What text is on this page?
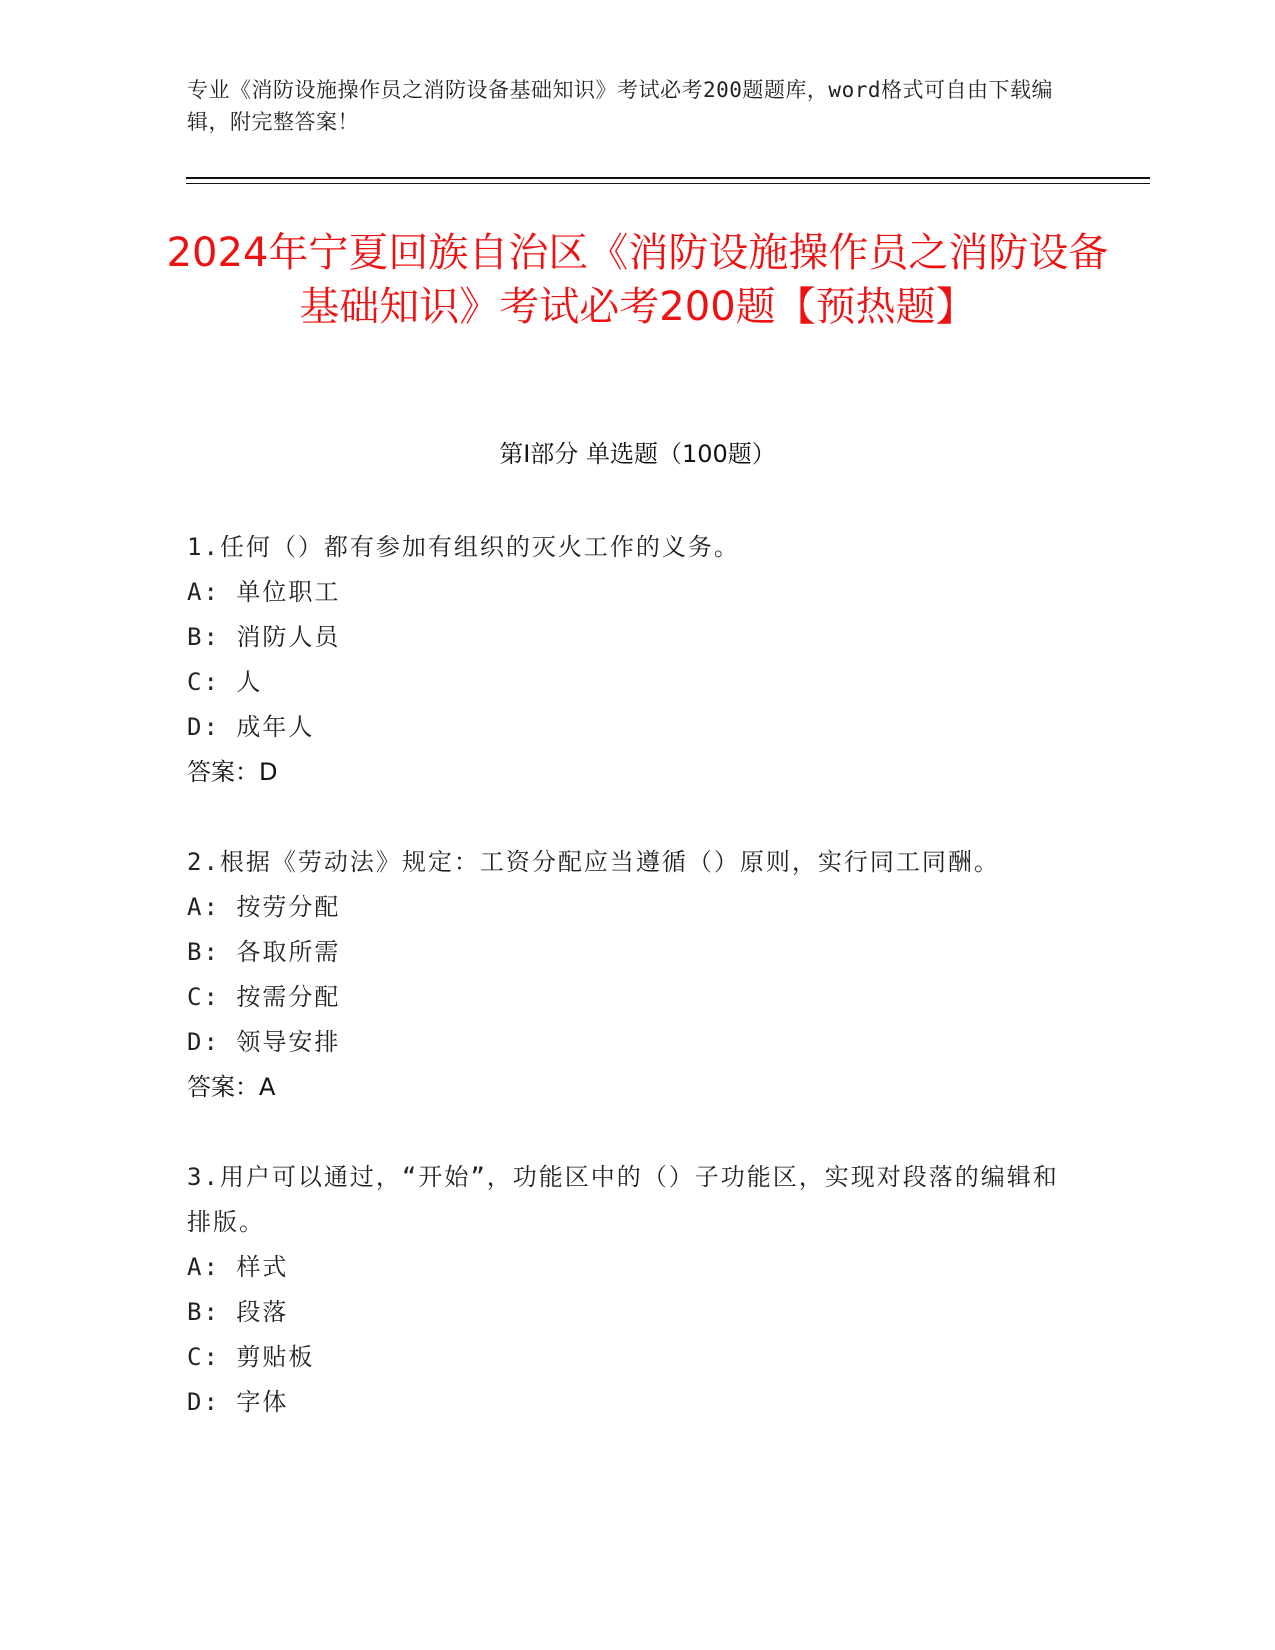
专业《消防设施操作员之消防设备基础知识》考试必考200题题库，word格式可自由下载编辑，附完整答案！
2024年宁夏回族自治区《消防设施操作员之消防设备基础知识》考试必考200题【预热题】
第I部分 单选题（100题）

1.任何（）都有参加有组织的灭火工作的义务。

A: 单位职工

B: 消防人员

C: 人

D: 成年人

答案：D

2.根据《劳动法》规定：工资分配应当遵循（）原则，实行同工同酬。

A: 按劳分配

B: 各取所需

C: 按需分配

D: 领导安排

答案：A

3.用户可以通过，“开始”，功能区中的（）子功能区，实现对段落的编辑和排版。

A: 样式

B: 段落

C: 剪贴板

D: 字体
